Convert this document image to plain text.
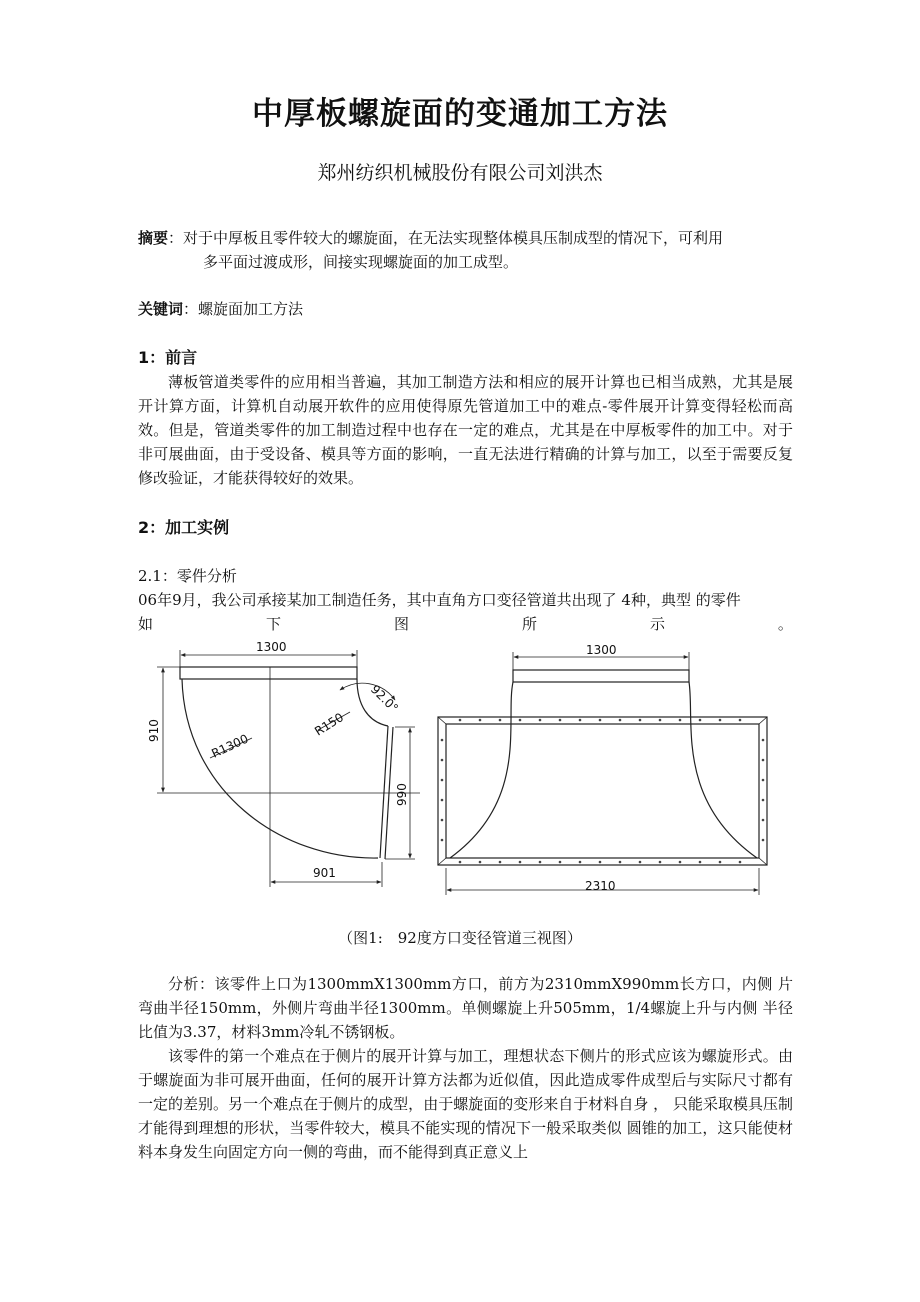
中厚板螺旋面的变通加工方法
郑州纺织机械股份有限公司刘洪杰
摘要：对于中厚板且零件较大的螺旋面，在无法实现整体模具压制成型的情况下，可利用
多平面过渡成形，间接实现螺旋面的加工成型。
关键词：螺旋面加工方法
1：前言
薄板管道类零件的应用相当普遍，其加工制造方法和相应的展开计算也已相当成熟，尤其是展开计算方面，计算机自动展开软件的应用使得原先管道加工中的难点-零件展开计算变得轻松而高效。但是，管道类零件的加工制造过程中也存在一定的难点，尤其是在中厚板零件的加工中。对于非可展曲面，由于受设备、模具等方面的影响，一直无法进行精确的计算与加工，以至于需要反复修改验证，才能获得较好的效果。
2：加工实例
2.1：零件分析
06年9月，我公司承接某加工制造任务，其中直角方口变径管道共出现了 4种，典型 的零件
如	下	图	所	示	。
1300
910
990
901
92.0°
R1300
R150
1300
2310
（图1:　92度方口变径管道三视图）
分析：该零件上口为1300mmX1300mm方口，前方为2310mmX990mm长方口，内侧 片弯曲半径150mm，外侧片弯曲半径1300mm。单侧螺旋上升505mm，1/4螺旋上升与内侧 半径比值为3.37，材料3mm冷轧不锈钢板。
该零件的第一个难点在于侧片的展开计算与加工，理想状态下侧片的形式应该为螺旋形式。由于螺旋面为非可展开曲面，任何的展开计算方法都为近似值，因此造成零件成型后与实际尺寸都有一定的差别。另一个难点在于侧片的成型，由于螺旋面的变形来自于材料自身 ， 只能采取模具压制才能得到理想的形状，当零件较大，模具不能实现的情况下一般采取类似 圆锥的加工，这只能使材料本身发生向固定方向一侧的弯曲，而不能得到真正意义上
